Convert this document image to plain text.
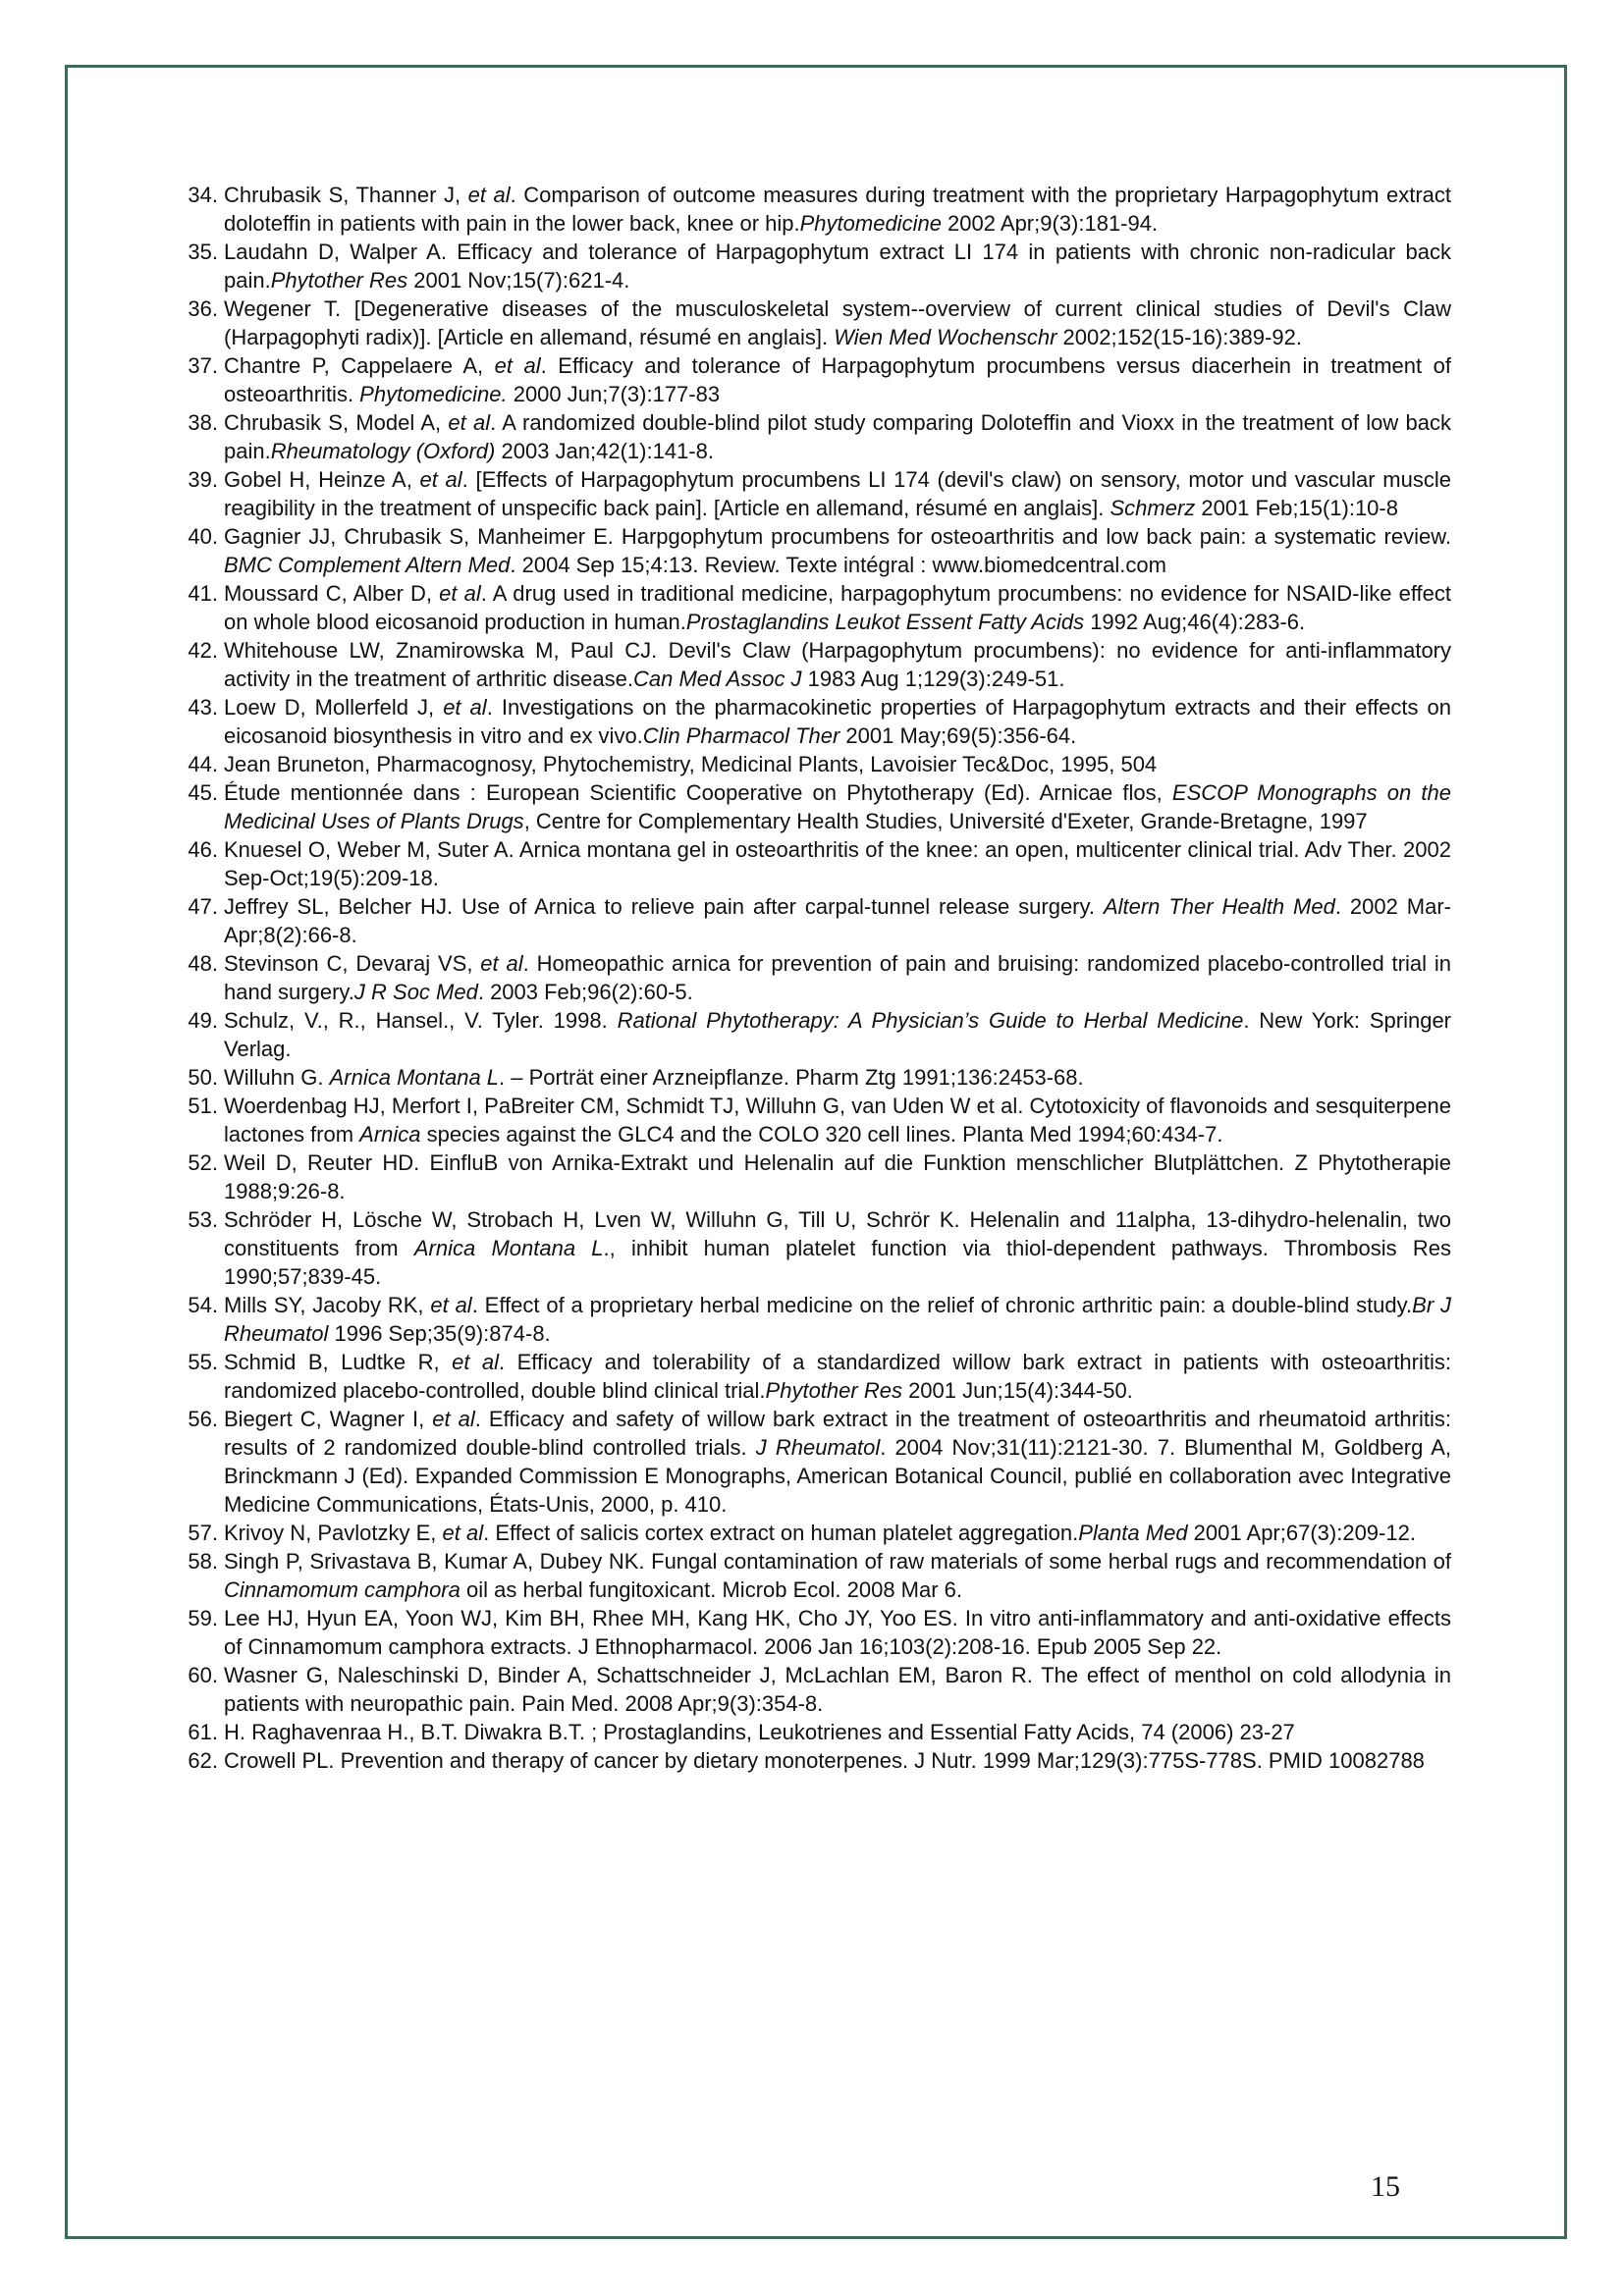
34. Chrubasik S, Thanner J, et al. Comparison of outcome measures during treatment with the proprietary Harpagophytum extract doloteffin in patients with pain in the lower back, knee or hip.Phytomedicine 2002 Apr;9(3):181-94.
35. Laudahn D, Walper A. Efficacy and tolerance of Harpagophytum extract LI 174 in patients with chronic non-radicular back pain.Phytother Res 2001 Nov;15(7):621-4.
36. Wegener T. [Degenerative diseases of the musculoskeletal system--overview of current clinical studies of Devil's Claw (Harpagophyti radix)]. [Article en allemand, résumé en anglais]. Wien Med Wochenschr 2002;152(15-16):389-92.
37. Chantre P, Cappelaere A, et al. Efficacy and tolerance of Harpagophytum procumbens versus diacerhein in treatment of osteoarthritis. Phytomedicine. 2000 Jun;7(3):177-83
38. Chrubasik S, Model A, et al. A randomized double-blind pilot study comparing Doloteffin and Vioxx in the treatment of low back pain.Rheumatology (Oxford) 2003 Jan;42(1):141-8.
39. Gobel H, Heinze A, et al. [Effects of Harpagophytum procumbens LI 174 (devil's claw) on sensory, motor und vascular muscle reagibility in the treatment of unspecific back pain]. [Article en allemand, résumé en anglais]. Schmerz 2001 Feb;15(1):10-8
40. Gagnier JJ, Chrubasik S, Manheimer E. Harpgophytum procumbens for osteoarthritis and low back pain: a systematic review. BMC Complement Altern Med. 2004 Sep 15;4:13. Review. Texte intégral : www.biomedcentral.com
41. Moussard C, Alber D, et al. A drug used in traditional medicine, harpagophytum procumbens: no evidence for NSAID-like effect on whole blood eicosanoid production in human.Prostaglandins Leukot Essent Fatty Acids 1992 Aug;46(4):283-6.
42. Whitehouse LW, Znamirowska M, Paul CJ. Devil's Claw (Harpagophytum procumbens): no evidence for anti-inflammatory activity in the treatment of arthritic disease.Can Med Assoc J 1983 Aug 1;129(3):249-51.
43. Loew D, Mollerfeld J, et al. Investigations on the pharmacokinetic properties of Harpagophytum extracts and their effects on eicosanoid biosynthesis in vitro and ex vivo.Clin Pharmacol Ther 2001 May;69(5):356-64.
44. Jean Bruneton, Pharmacognosy, Phytochemistry, Medicinal Plants, Lavoisier Tec&Doc, 1995, 504
45. Étude mentionnée dans : European Scientific Cooperative on Phytotherapy (Ed). Arnicae flos, ESCOP Monographs on the Medicinal Uses of Plants Drugs, Centre for Complementary Health Studies, Université d'Exeter, Grande-Bretagne, 1997
46. Knuesel O, Weber M, Suter A. Arnica montana gel in osteoarthritis of the knee: an open, multicenter clinical trial. Adv Ther. 2002 Sep-Oct;19(5):209-18.
47. Jeffrey SL, Belcher HJ. Use of Arnica to relieve pain after carpal-tunnel release surgery. Altern Ther Health Med. 2002 Mar-Apr;8(2):66-8.
48. Stevinson C, Devaraj VS, et al. Homeopathic arnica for prevention of pain and bruising: randomized placebo-controlled trial in hand surgery.J R Soc Med. 2003 Feb;96(2):60-5.
49. Schulz, V., R., Hansel., V. Tyler. 1998. Rational Phytotherapy: A Physician’s Guide to Herbal Medicine. New York: Springer Verlag.
50. Willuhn G. Arnica Montana L. – Porträt einer Arzneipflanze. Pharm Ztg 1991;136:2453-68.
51. Woerdenbag HJ, Merfort I, PaBreiter CM, Schmidt TJ, Willuhn G, van Uden W et al. Cytotoxicity of flavonoids and sesquiterpene lactones from Arnica species against the GLC4 and the COLO 320 cell lines. Planta Med 1994;60:434-7.
52. Weil D, Reuter HD. EinfluB von Arnika-Extrakt und Helenalin auf die Funktion menschlicher Blutplättchen. Z Phytotherapie 1988;9:26-8.
53. Schröder H, Lösche W, Strobach H, Lven W, Willuhn G, Till U, Schrör K. Helenalin and 11alpha, 13-dihydro-helenalin, two constituents from Arnica Montana L., inhibit human platelet function via thiol-dependent pathways. Thrombosis Res 1990;57;839-45.
54. Mills SY, Jacoby RK, et al. Effect of a proprietary herbal medicine on the relief of chronic arthritic pain: a double-blind study.Br J Rheumatol 1996 Sep;35(9):874-8.
55. Schmid B, Ludtke R, et al. Efficacy and tolerability of a standardized willow bark extract in patients with osteoarthritis: randomized placebo-controlled, double blind clinical trial.Phytother Res 2001 Jun;15(4):344-50.
56. Biegert C, Wagner I, et al. Efficacy and safety of willow bark extract in the treatment of osteoarthritis and rheumatoid arthritis: results of 2 randomized double-blind controlled trials. J Rheumatol. 2004 Nov;31(11):2121-30. 7. Blumenthal M, Goldberg A, Brinckmann J (Ed). Expanded Commission E Monographs, American Botanical Council, publié en collaboration avec Integrative Medicine Communications, États-Unis, 2000, p. 410.
57. Krivoy N, Pavlotzky E, et al. Effect of salicis cortex extract on human platelet aggregation.Planta Med 2001 Apr;67(3):209-12.
58. Singh P, Srivastava B, Kumar A, Dubey NK. Fungal contamination of raw materials of some herbal rugs and recommendation of Cinnamomum camphora oil as herbal fungitoxicant. Microb Ecol. 2008 Mar 6.
59. Lee HJ, Hyun EA, Yoon WJ, Kim BH, Rhee MH, Kang HK, Cho JY, Yoo ES. In vitro anti-inflammatory and anti-oxidative effects of Cinnamomum camphora extracts. J Ethnopharmacol. 2006 Jan 16;103(2):208-16. Epub 2005 Sep 22.
60. Wasner G, Naleschinski D, Binder A, Schattschneider J, McLachlan EM, Baron R. The effect of menthol on cold allodynia in patients with neuropathic pain. Pain Med. 2008 Apr;9(3):354-8.
61. H. Raghavenraa H., B.T. Diwakra B.T. ; Prostaglandins, Leukotrienes and Essential Fatty Acids, 74 (2006) 23-27
62. Crowell PL. Prevention and therapy of cancer by dietary monoterpenes. J Nutr. 1999 Mar;129(3):775S-778S. PMID 10082788
15
